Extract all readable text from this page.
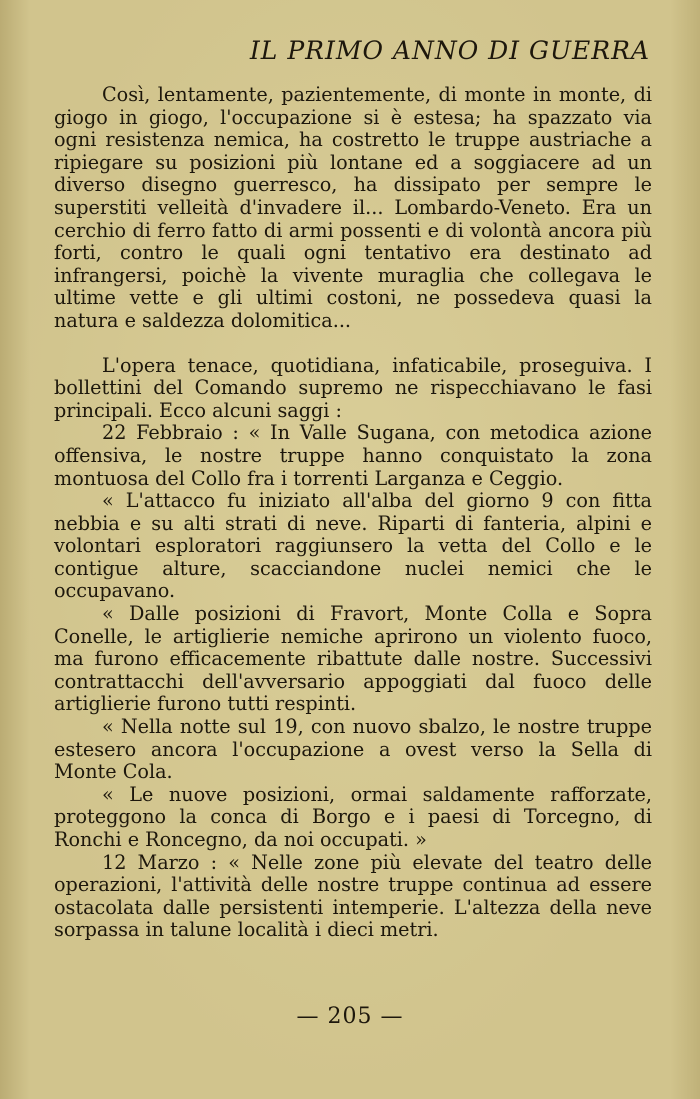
IL PRIMO ANNO DI GUERRA

Così, lentamente, pazientemente, di monte in monte, di giogo in giogo, l'occupazione si è estesa; ha spazzato via ogni resistenza nemica, ha costretto le truppe austriache a ripiegare su posizioni più lontane ed a soggiacere ad un diverso disegno guerresco, ha dissipato per sempre le superstiti velleità d'invadere il... Lombardo-Veneto. Era un cerchio di ferro fatto di armi possenti e di volontà ancora più forti, contro le quali ogni tentativo era destinato ad infrangersi, poichè la vivente muraglia che collegava le ultime vette e gli ultimi costoni, ne possedeva quasi la natura e saldezza dolomitica...

L'opera tenace, quotidiana, infaticabile, proseguiva. I bollettini del Comando supremo ne rispecchiavano le fasi principali. Ecco alcuni saggi :

22 Febbraio : « In Valle Sugana, con metodica azione offensiva, le nostre truppe hanno conquistato la zona montuosa del Collo fra i torrenti Larganza e Ceggio.

« L'attacco fu iniziato all'alba del giorno 9 con fitta nebbia e su alti strati di neve. Riparti di fanteria, alpini e volontari esploratori raggiunsero la vetta del Collo e le contigue alture, scacciandone nuclei nemici che le occupavano.

« Dalle posizioni di Fravort, Monte Colla e Sopra Conelle, le artiglierie nemiche aprirono un violento fuoco, ma furono efficacemente ribattute dalle nostre. Successivi contrattacchi dell'avversario appoggiati dal fuoco delle artiglierie furono tutti respinti.

« Nella notte sul 19, con nuovo sbalzo, le nostre truppe estesero ancora l'occupazione a ovest verso la Sella di Monte Cola.

« Le nuove posizioni, ormai saldamente rafforzate, proteggono la conca di Borgo e i paesi di Torcegno, di Ronchi e Roncegno, da noi occupati. »

12 Marzo : « Nelle zone più elevate del teatro delle operazioni, l'attività delle nostre truppe continua ad essere ostacolata dalle persistenti intemperie. L'altezza della neve sorpassa in talune località i dieci metri.

— 205 —
